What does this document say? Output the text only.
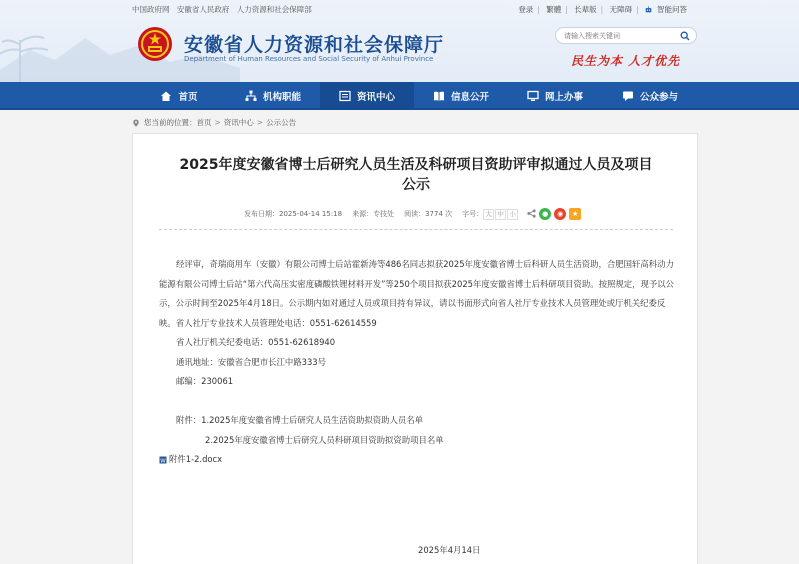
中国政府网 安徽省人民政府 人力资源和社会保障部	登录 | 繁體 | 长辈版 | 无障碍 | 智能问答
安徽省人力资源和社会保障厅
Department of Human Resources and Social Security of Anhui Province
请输入搜索关键词	民生为本 人才优先
首页	机构职能	资讯中心	信息公开	网上办事	公众参与
您当前的位置： 首页 > 资讯中心 > 公示公告
2025年度安徽省博士后研究人员生活及科研项目资助评审拟通过人员及项目公示
发布日期：2025-04-14 15:18 来源：专技处 阅读：3774 次 字号： 大 中 小	●	◉	★

经评审，奇瑞商用车（安徽）有限公司博士后站霍新涛等486名同志拟获2025年度安徽省博士后科研人员生活资助，合肥国轩高科动力能源有限公司博士后站“第六代高压实密度磷酸铁锂材料开发”等250个项目拟获2025年度安徽省博士后科研项目资助。按照规定，现予以公示，公示时间至2025年4月18日。公示期内如对通过人员或项目持有异议，请以书面形式向省人社厅专业技术人员管理处或厅机关纪委反映。省人社厅专业技术人员管理处电话：0551-62614559

省人社厅机关纪委电话：0551-62618940

通讯地址：安徽省合肥市长江中路333号

邮编：230061

附件：1.2025年度安徽省博士后研究人员生活资助拟资助人员名单

2.2025年度安徽省博士后研究人员科研项目资助拟资助项目名单

W 附件1-2.docx

2025年4月14日
